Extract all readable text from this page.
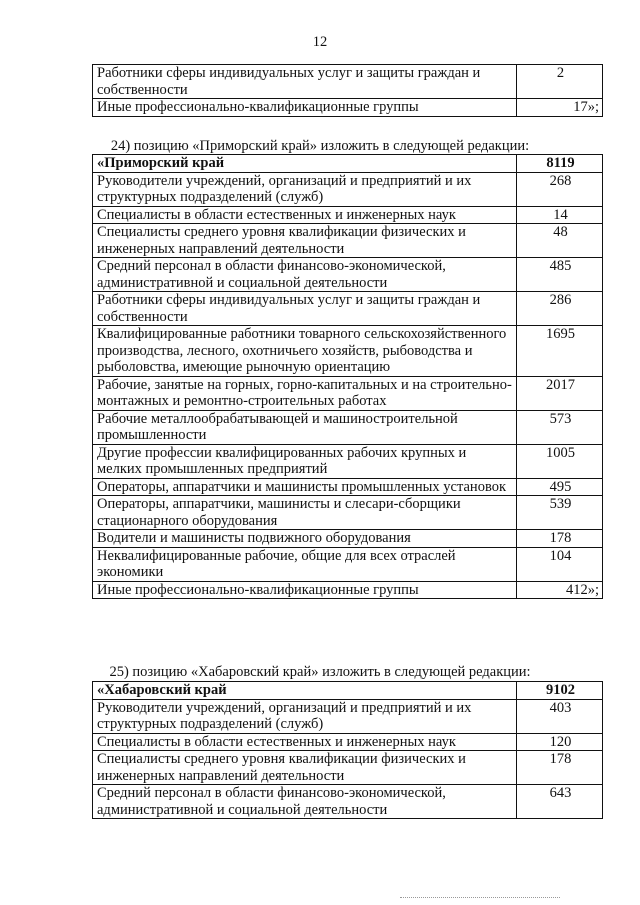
12
Работники сферы индивидуальных услуг и защиты граждан и собственности	2
Иные профессионально-квалификационные группы	17»;
24) позицию «Приморский край» изложить в следующей редакции:
«Приморский край	8119
Руководители учреждений, организаций и предприятий и их структурных подразделений (служб)	268
Специалисты в области естественных и инженерных наук	14
Специалисты среднего уровня квалификации физических и инженерных направлений деятельности	48
Средний персонал в области финансово-экономической, административной и социальной деятельности	485
Работники сферы индивидуальных услуг и защиты граждан и собственности	286
Квалифицированные работники товарного сельскохозяйственного производства, лесного, охотничьего хозяйств, рыбоводства и рыболовства, имеющие рыночную ориентацию	1695
Рабочие, занятые на горных, горно-капитальных и на строительно-монтажных и ремонтно-строительных работах	2017
Рабочие металлообрабатывающей и машиностроительной промышленности	573
Другие профессии квалифицированных рабочих крупных и мелких промышленных предприятий	1005
Операторы, аппаратчики и машинисты промышленных установок	495
Операторы, аппаратчики, машинисты и слесари-сборщики стационарного оборудования	539
Водители и машинисты подвижного оборудования	178
Неквалифицированные рабочие, общие для всех отраслей экономики	104
Иные профессионально-квалификационные группы	412»;
25) позицию «Хабаровский край» изложить в следующей редакции:
«Хабаровский край	9102
Руководители учреждений, организаций и предприятий и их структурных подразделений (служб)	403
Специалисты в области естественных и инженерных наук	120
Специалисты среднего уровня квалификации физических и инженерных направлений деятельности	178
Средний персонал в области финансово-экономической, административной и социальной деятельности	643
